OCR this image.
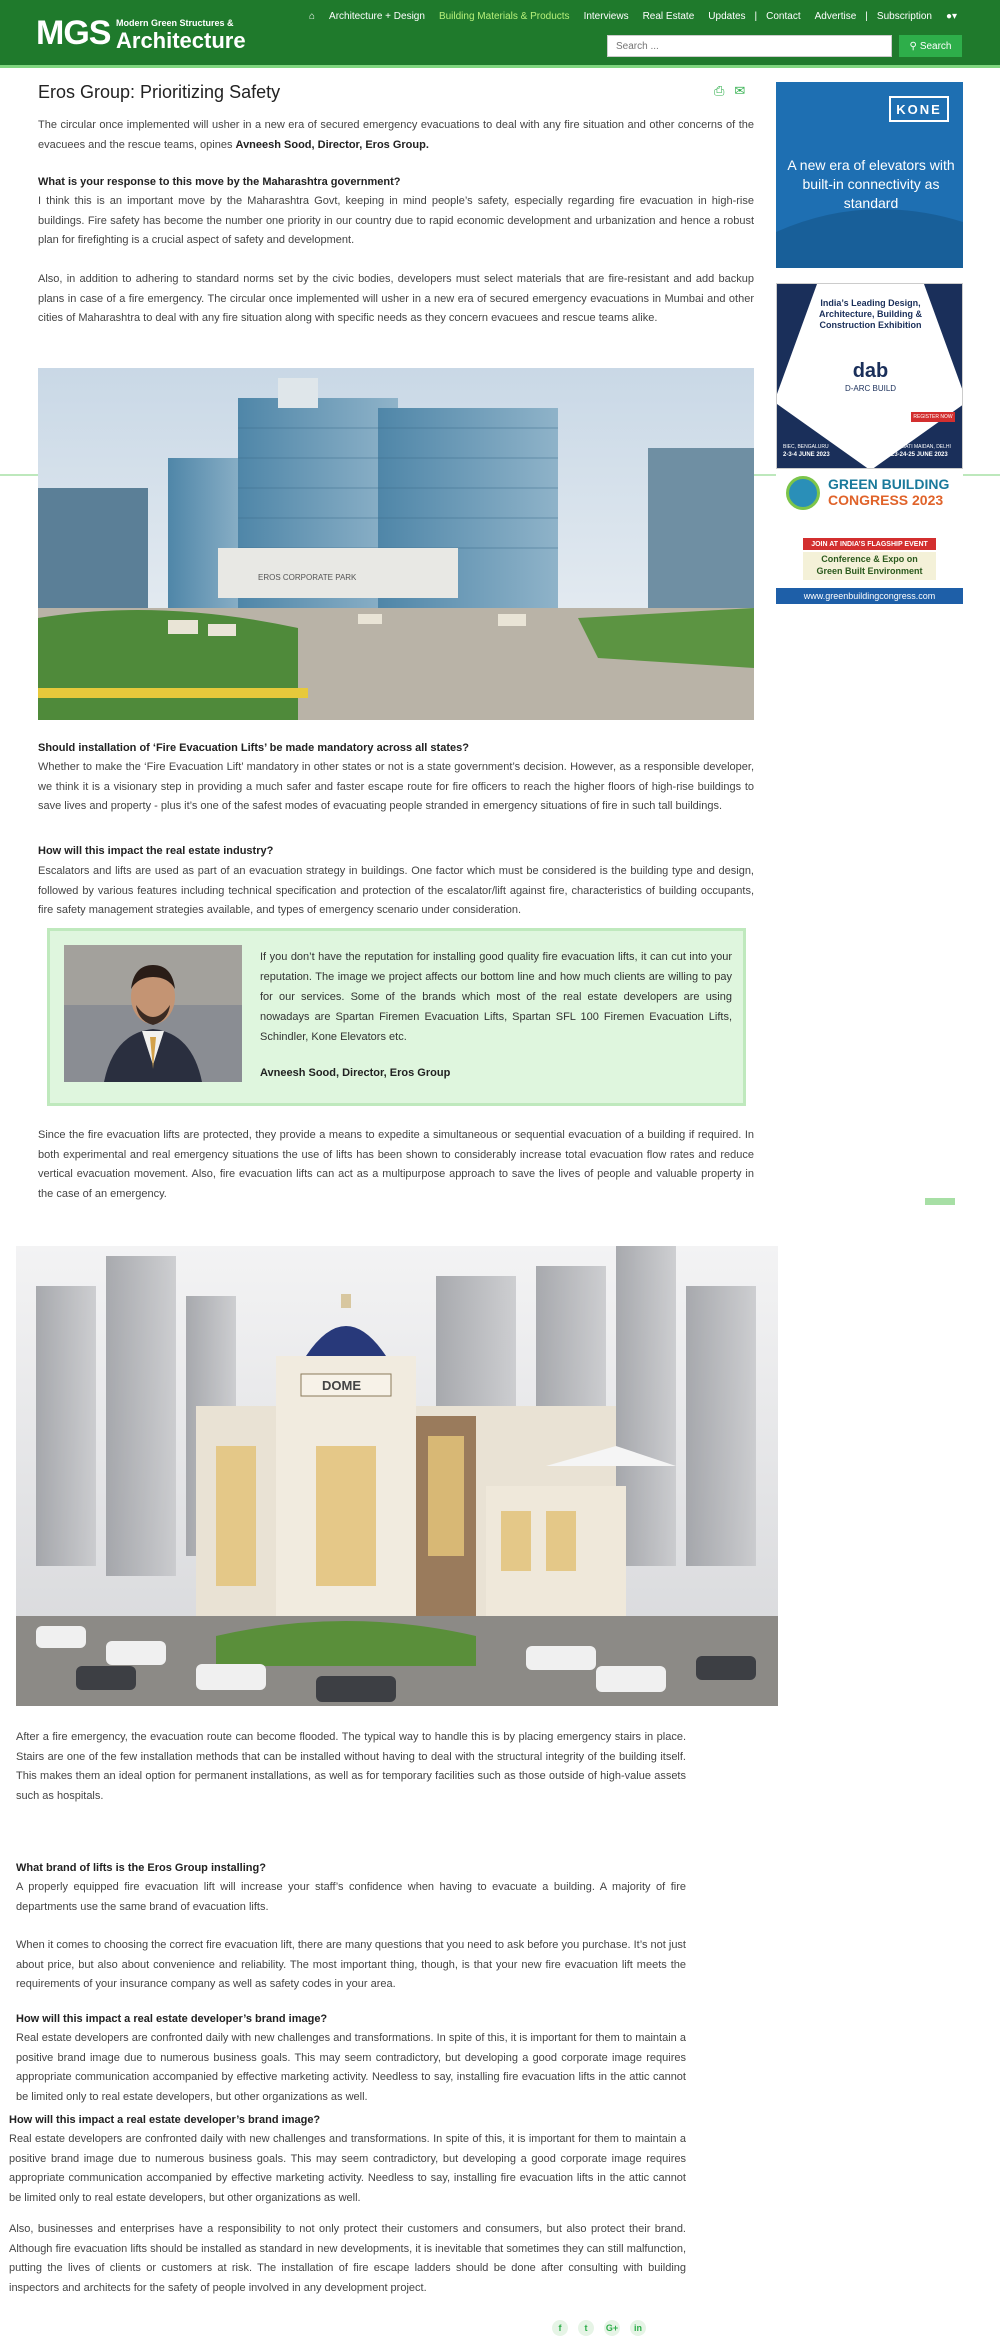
MGS Modern Green Structures &
Architecture
⌂	Architecture + Design	Building Materials & Products	Interviews	Real Estate	Updates | Contact	Advertise | Subscription	●▾
Search ...
⚲ Search
Eros Group: Prioritizing Safety	⎙ ✉

The circular once implemented will usher in a new era of secured emergency evacuations to deal with any fire situation and other concerns of the evacuees and the rescue teams, opines Avneesh Sood, Director, Eros Group.

What is your response to this move by the Maharashtra government?

I think this is an important move by the Maharashtra Govt, keeping in mind people’s safety, especially regarding fire evacuation in high-rise buildings. Fire safety has become the number one priority in our country due to rapid economic development and urbanization and hence a robust plan for firefighting is a crucial aspect of safety and development.

Also, in addition to adhering to standard norms set by the civic bodies, developers must select materials that are fire-resistant and add backup plans in case of a fire emergency. The circular once implemented will usher in a new era of secured emergency evacuations in Mumbai and other cities of Maharashtra to deal with any fire situation along with specific needs as they concern evacuees and rescue teams alike.

EROS CORPORATE PARK
Should installation of ‘Fire Evacuation Lifts’ be made mandatory across all states?

Whether to make the ‘Fire Evacuation Lift’ mandatory in other states or not is a state government’s decision. However, as a responsible developer, we think it is a visionary step in providing a much safer and faster escape route for fire officers to reach the higher floors of high-rise buildings to save lives and property - plus it’s one of the safest modes of evacuating people stranded in emergency situations of fire in such tall buildings.

How will this impact the real estate industry?

Escalators and lifts are used as part of an evacuation strategy in buildings. One factor which must be considered is the building type and design, followed by various features including technical specification and protection of the escalator/lift against fire, characteristics of building occupants, fire safety management strategies available, and types of emergency scenario under consideration.

If you don’t have the reputation for installing good quality fire evacuation lifts, it can cut into your reputation. The image we project affects our bottom line and how much clients are willing to pay for our services. Some of the brands which most of the real estate developers are using nowadays are Spartan Firemen Evacuation Lifts, Spartan SFL 100 Firemen Evacuation Lifts, Schindler, Kone Elevators etc.

Avneesh Sood, Director, Eros Group

Since the fire evacuation lifts are protected, they provide a means to expedite a simultaneous or sequential evacuation of a building if required. In both experimental and real emergency situations the use of lifts has been shown to considerably increase total evacuation flow rates and reduce vertical evacuation movement. Also, fire evacuation lifts can act as a multipurpose approach to save the lives of people and valuable property in the case of an emergency.

DOME

After a fire emergency, the evacuation route can become flooded. The typical way to handle this is by placing emergency stairs in place. Stairs are one of the few installation methods that can be installed without having to deal with the structural integrity of the building itself. This makes them an ideal option for permanent installations, as well as for temporary facilities such as those outside of high-value assets such as hospitals.

What brand of lifts is the Eros Group installing?

A properly equipped fire evacuation lift will increase your staff’s confidence when having to evacuate a building. A majority of fire departments use the same brand of evacuation lifts.

When it comes to choosing the correct fire evacuation lift, there are many questions that you need to ask before you purchase. It’s not just about price, but also about convenience and reliability. The most important thing, though, is that your new fire evacuation lift meets the requirements of your insurance company as well as safety codes in your area.

How will this impact a real estate developer’s brand image?

Real estate developers are confronted daily with new challenges and transformations. In spite of this, it is important for them to maintain a positive brand image due to numerous business goals. This may seem contradictory, but developing a good corporate image requires appropriate communication accompanied by effective marketing activity. Needless to say, installing fire evacuation lifts in the attic cannot be limited only to real estate developers, but other organizations as well.

How will this impact a real estate developer’s brand image?

Real estate developers are confronted daily with new challenges and transformations. In spite of this, it is important for them to maintain a positive brand image due to numerous business goals. This may seem contradictory, but developing a good corporate image requires appropriate communication accompanied by effective marketing activity. Needless to say, installing fire evacuation lifts in the attic cannot be limited only to real estate developers, but other organizations as well.

Also, businesses and enterprises have a responsibility to not only protect their customers and consumers, but also protect their brand. Although fire evacuation lifts should be installed as standard in new developments, it is inevitable that sometimes they can still malfunction, putting the lives of clients or customers at risk. The installation of fire escape ladders should be done after consulting with building inspectors and architects for the safety of people involved in any development project.

f	t	G+	in
KONE
A new era of elevators with built-in connectivity as standard
India’s Leading Design, Architecture, Building & Construction Exhibition
dab
D-ARC BUILD
REGISTER NOW
BIEC, BENGALURU
2-3-4 JUNE 2023
PRAGATI MAIDAN, DELHI
23-24-25 JUNE 2023
GREEN BUILDING
CONGRESS 2023
JOIN AT INDIA’S FLAGSHIP EVENT
Conference & Expo on
Green Built Environment
www.greenbuildingcongress.com
